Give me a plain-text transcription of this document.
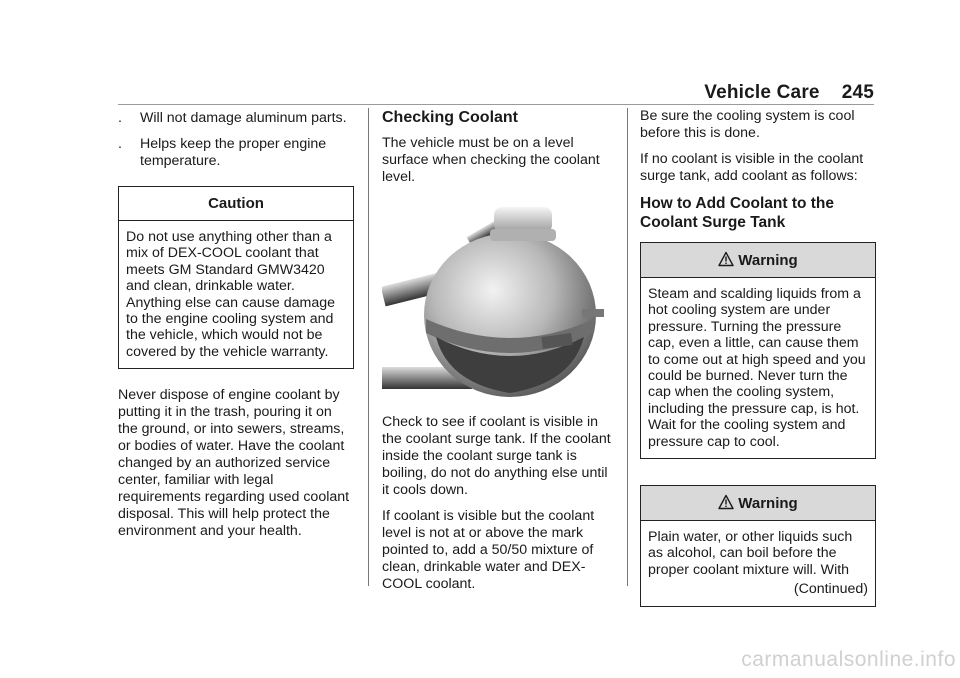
Vehicle Care 245
.	Will not damage aluminum parts.
.	Helps keep the proper engine temperature.
Caution

Do not use anything other than a mix of DEX-COOL coolant that meets GM Standard GMW3420 and clean, drinkable water. Anything else can cause damage to the engine cooling system and the vehicle, which would not be covered by the vehicle warranty.

Never dispose of engine coolant by putting it in the trash, pouring it on the ground, or into sewers, streams, or bodies of water. Have the coolant changed by an authorized service center, familiar with legal requirements regarding used coolant disposal. This will help protect the environment and your health.

Checking Coolant

The vehicle must be on a level surface when checking the coolant level.

Check to see if coolant is visible in the coolant surge tank. If the coolant inside the coolant surge tank is boiling, do not do anything else until it cools down.

If coolant is visible but the coolant level is not at or above the mark pointed to, add a 50/50 mixture of clean, drinkable water and DEX-COOL coolant.

Be sure the cooling system is cool before this is done.

If no coolant is visible in the coolant surge tank, add coolant as follows:

How to Add Coolant to the Coolant Surge Tank
Warning

Steam and scalding liquids from a hot cooling system are under pressure. Turning the pressure cap, even a little, can cause them to come out at high speed and you could be burned. Never turn the cap when the cooling system, including the pressure cap, is hot. Wait for the cooling system and pressure cap to cool.

Warning

Plain water, or other liquids such as alcohol, can boil before the proper coolant mixture will. With

(Continued)
carmanualsonline.info
